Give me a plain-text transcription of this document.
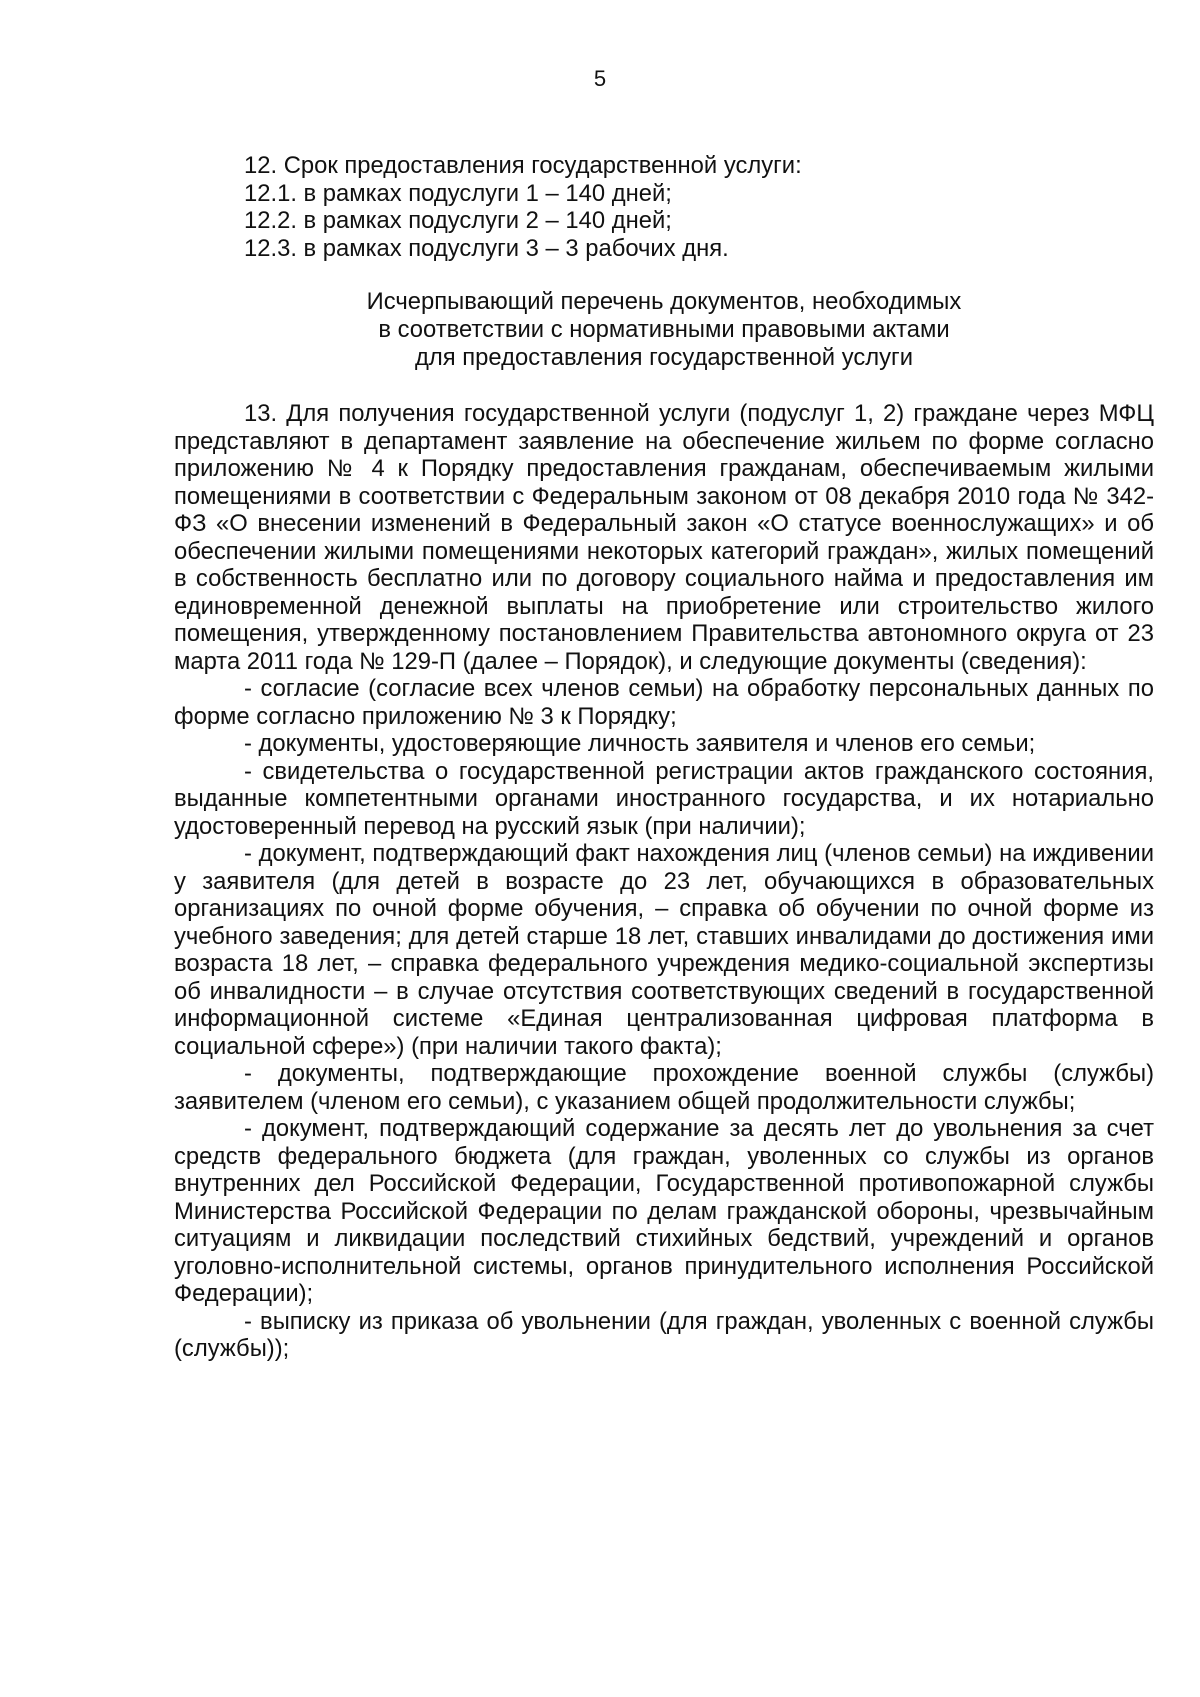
5

12. Срок предоставления государственной услуги:

12.1. в рамках подуслуги 1 – 140 дней;

12.2. в рамках подуслуги 2 – 140 дней;

12.3. в рамках подуслуги 3 – 3 рабочих дня.

Исчерпывающий перечень документов, необходимых
в соответствии с нормативными правовыми актами
для предоставления государственной услуги

13. Для получения государственной услуги (подуслуг 1, 2) граждане через МФЦ представляют в департамент заявление на обеспечение жильем по форме согласно приложению № 4 к Порядку предоставления гражданам, обеспечиваемым жилыми помещениями в соответствии с Федеральным законом от 08 декабря 2010 года № 342-ФЗ «О внесении изменений в Федеральный закон «О статусе военнослужащих» и об обеспечении жилыми помещениями некоторых категорий граждан», жилых помещений в собственность бесплатно или по договору социального найма и предоставления им единовременной денежной выплаты на приобретение или строительство жилого помещения, утвержденному постановлением Правительства автономного округа от 23 марта 2011 года № 129-П (далее – Порядок), и следующие документы (сведения):

- согласие (согласие всех членов семьи) на обработку персональных данных по форме согласно приложению № 3 к Порядку;

- документы, удостоверяющие личность заявителя и членов его семьи;

- свидетельства о государственной регистрации актов гражданского состояния, выданные компетентными органами иностранного государства, и их нотариально удостоверенный перевод на русский язык (при наличии);

- документ, подтверждающий факт нахождения лиц (членов семьи) на иждивении у заявителя (для детей в возрасте до 23 лет, обучающихся в образовательных организациях по очной форме обучения, – справка об обучении по очной форме из учебного заведения; для детей старше 18 лет, ставших инвалидами до достижения ими возраста 18 лет, – справка федерального учреждения медико-социальной экспертизы об инвалидности – в случае отсутствия соответствующих сведений в государственной информационной системе «Единая централизованная цифровая платформа в социальной сфере») (при наличии такого факта);

- документы, подтверждающие прохождение военной службы (службы) заявителем (членом его семьи), с указанием общей продолжительности службы;

- документ, подтверждающий содержание за десять лет до увольнения за счет средств федерального бюджета (для граждан, уволенных со службы из органов внутренних дел Российской Федерации, Государственной противопожарной службы Министерства Российской Федерации по делам гражданской обороны, чрезвычайным ситуациям и ликвидации последствий стихийных бедствий, учреждений и органов уголовно-исполнительной системы, органов принудительного исполнения Российской Федерации);

- выписку из приказа об увольнении (для граждан, уволенных с военной службы (службы));
